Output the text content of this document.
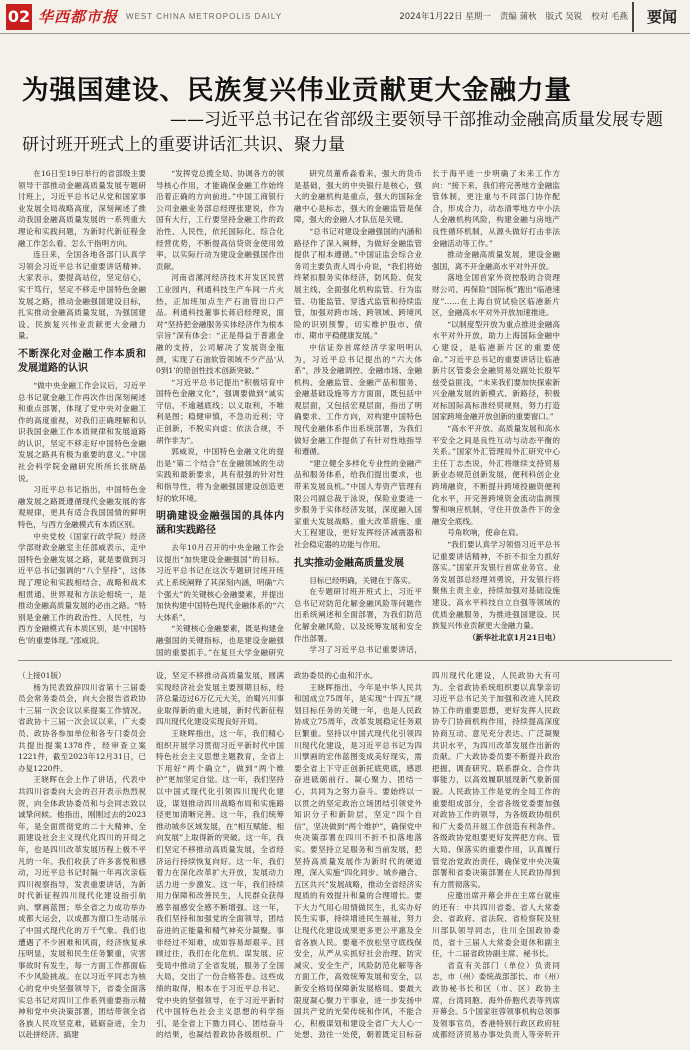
02 华西都市报 WEST CHINA METROPOLIS DAILY	2024年1月22日 星期一 责编 蒲秋 版式 吴锐 校对 毛燕	要闻
为强国建设、民族复兴伟业贡献更大金融力量
——习近平总书记在省部级主要领导干部推动金融高质量发展专题
研讨班开班式上的重要讲话汇共识、聚力量

在16日至19日举行的省部级主要领导干部推动金融高质量发展专题研讨班上，习近平总书记从党和国家事业发展全局战略高度，深刻阐述了推动我国金融高质量发展的一系列重大理论和实践问题，为新时代新征程金融工作怎么看、怎么干指明方向。

连日来，全国各地各部门认真学习领会习近平总书记重要讲话精神。大家表示，要提高站位，坚定信心，实干笃行，坚定不移走中国特色金融发展之路，推动金融强国建设目标，扎实推动金融高质量发展，为强国建设、民族复兴伟业贡献更大金融力量。

不断深化对金融工作本质和发展道路的认识

“做中央金融工作会议后，习近平总书记就金融工作再次作出深刻阐述和重点部署，体现了党中央对金融工作的高度重视，对我们正确理解和认识我国金融工作本质规律和发展道路的认识，坚定不移走好中国特色金融发展之路具有极为重要的意义。”中国社会科学院金融研究所所长张晓晶说。

习近平总书记指出，中国特色金融发展之路既遵循现代金融发展的客观规律，更具有适合我国国情的鲜明特色，与西方金融模式有本质区别。

中央党校（国家行政学院）经济学部财政金融室主任邵威表示，走中国特色金融发展之路，就是要做到习近平总书记强调的“八个坚持”，这体现了理论和实践相结合、战略和战术相贯通、世界观和方法论相统一，是推动金融高质量发展的必由之路。“特别是金融工作的政治性、人民性，与西方金融模式有本质区别，是‘中国特色’的重要体现。”邵威说。

“发挥党总揽全局、协调各方的领导核心作用，才能确保金融工作始终沿着正确的方向前进。”中国工商银行公司金融业务部总经理张建说，作为国有大行，工行要坚持金融工作的政治性、人民性，依托国际化、综合化经营优势，不断提高信贷资金使用效率，以实际行动为建设金融强国作出贡献。

河南省漯河经济技术开发区民营工业园内，利通科技生产车间一片火热，正加班加点生产石油管出口产品。利通科技董事长蒋启经理说，面对“坚持把金融服务实体经济作为根本宗旨”深有体会：“正是得益于普惠金融的支持，公司解决了发展资金瓶颈，实现了石油软管领域不少产品‘从0到1’的原创性技术创新突破。”

“习近平总书记提出“积极培育中国特色金融文化”，强调要做到“诚实守信，不逾越底线；以义取利，不唯利是图；稳健审慎，不急功近利；守正创新，不脱实向虚；依法合规，不胡作非为”。

郭威说，中国特色金融文化的提出是“第二个结合”在金融领域的生动实践和最新要求，具有很强的针对性和指导性，将为金融强国建设创造更好的软环境。

明确建设金融强国的具体内涵和实践路径

去年10月召开的中央金融工作会议提出“加快建设金融强国”的目标。习近平总书记在这次专题研讨班开班式上系统阐释了其深刻内涵，明确“六个强大”的关键核心金融要素，并提出加快构建中国特色现代金融体系的“六大体系”。

“关键核心金融要素，既是构建金融强国的关键指标，也是建设金融强国的重要抓手。”在复旦大学金融研究

研究员董希淼看来，强大的货币是基础，强大的中央银行是核心，强大的金融机构是重点，强大的国际金融中心是标志，强大的金融监管是保障，强大的金融人才队伍是关键。

“总书记对建设金融强国的内涵和路径作了深入阐释，为做好金融监管提供了根本遵循。”中国证监会综合业务司主要负责人周小舟说，“我们将始终紧扣服务实体经济，防风险、促发展主线，全面强化机构监管、行为监管、功能监管、穿透式监管和持续监管，加强对跨市场、跨领域、跨境风险的识别预警，切实维护股市、债市、期市平稳健康发展。”

中信证券首席经济学家明明认为，习近平总书记提出的“六大体系”，涉及金融调控、金融市场、金融机构、金融监管、金融产品和服务、金融基础设施等方方面面，既包括中观层面，又包括宏观层面，指出了明确要求、工作方向，对构建中国特色现代金融体系作出系统部署，为我们做好金融工作提供了有针对性地指导和遵循。

“建立健全多样化专业性的金融产品和服务体系，给我们提出要求，也带来发展良机。”中国人寿资产管理有限公司副总裁于泳说，保险业要进一步服务于实体经济发展，深度融入国家重大发展战略、重大改革措施、重大工程建设，更好发挥经济减震器和社会稳定器的功能与作用。

扎实推动金融高质量发展

目标已经明确，关键在于落实。

在专题研讨班开班式上，习近平总书记对防范化解金融风险等问题作出系统阐述和全面部署，为我们防范化解金融风险、以及统筹发展和安全作出部署。

学习了习近平总书记重要讲话，

长于海平进一步明确了未来工作方向：“接下来，我们将完善地方金融监管体制，更注重与不同部门协作配合，形成合力，动态清零地方中小法人金融机构风险，构建金融与房地产良性循环机制，从源头做好打击非法金融活动等工作。”

推动金融高质量发展，建设金融强国，离不开金融高水平对外开放。

落地全国首家外资控股的合资理财公司、再保险“国际板”跑出“临港速度”……在上海自贸试验区临港新片区，金融高水平对外开放加速推进。

“以制度型开放为重点推进金融高水平对外开放，助力上海国际金融中心建设，是临港新片区的重要使命。”习近平总书记的重要讲话让临港新片区管委会金融贸易处副处长殷军兹受益匪浅，“未来我们要加快探索新兴金融发展的新模式、新路径，积极对标国际高标准经贸规则，努力打造国家跨境金融开放创新的重要窗口。”

“高水平开放、高质量发展和高水平安全之间是良性互动与动态平衡的关系。”国家外汇管理局外汇研究中心主任丁志杰说，外汇将继续支持贸易新业态规范创新发展，便利科创企业跨境融资，不断提升跨境投融资便利化水平，开完善跨境资金流动监测预警和响应机制，守住开放条件下的金融安全底线。

号角吹响，使命在肩。

“我们要认真学习领悟习近平总书记重要讲话精神，不折不扣全力抓好落实。”国家开发银行首席业务官、业务发展部总经理刘勇说，开发银行将聚焦主责主业，持续加强对基础设施建设、高水平科技自立自强等领域的优质金融服务，为推进强国建设、民族复兴伟业贡献更大金融力量。

（新华社北京1月21日电）

（上接01版）

杨为民表致辞四川省第十三届委员会常务委员会，向大会报告省政协十三届一次会议以来提案工作情况。省政协十三届一次会议以来，广大委员、政协各参加单位和各专门委员会共提出提案1378件，经审查立案1221件，截至2023年12月31日，已办复1220件。

王晓晖在会上作了讲话，代表中共四川省委向大会的召开表示热烈祝贺，向全体政协委员和与会同志致以诚挚问候。他指出，刚刚过去的2023年，是全面贯彻党的二十大精神、全面建设社会主义现代化四川的开局之年，也是四川改革发展历程上极不平凡的一年。我们收获了许多喜悦和感动，习近平总书记时隔一年再次亲临四川视察指导，发表重要讲话，为新时代新征程四川现代化建设指引航向、擘画蓝图；举全省之力成功举办成都大运会，以成都为窗口生动展示了中国式现代化的万千气象。我们也遭遇了不少困难和风雨，经济恢复承压明显，发展和民生任务繁重，灾害事故时有发生，每一方面工作都面临不少风险挑战。在以习近平同志为核心的党中央坚强领导下，省委全面落实总书记对四川工作系列重要指示精神和党中央决策部署，团结带领全省各族人民攻坚克难，砥砺奋进，全力以赴拼经济、搞建

设，坚定不移推动高质量发展，圆满实现经济社会发展主要预期目标，经济总量迈过6万亿元大关，治蜀兴川事业取得新的重大进展，新时代新征程四川现代化建设实现良好开局。

王晓晖指出，这一年，我们精心组织开展学习贯彻习近平新时代中国特色社会主义思想主题教育，全省上下用好“两个确立”，做到“两个维护”更加坚定自觉。这一年，我们坚持以中国式现代化引领四川现代化建设，谋划推动四川战略布局和实施路径更加清晰完善。这一年，我们统筹推动城乡区域发展，在“相互赋能、相向发展”上取得新的突破。这一年，我们坚定不移推动高质量发展，全省经济运行持续恢复向好。这一年，我们着力在深化改革扩大开放，发展动力活力进一步激发。这一年，我们持续用力保障和改善民生，人民群众获得感幸福感安全感不断增强。这一年，我们坚持和加强党的全面领导，团结奋进的正能量和精气神充分凝聚。事非经过不知难，成如容易却艰辛。回顾过往，我们在化危机、谋发展、应变局中推动了全省发展，服务了全国大局，交出了一份合格答卷。这些成绩的取得，根本在于习近平总书记、党中央的坚强领导，在于习近平新时代中国特色社会主义思想的科学指引，是全省上下勠力同心、团结奋斗的结果，也凝结着政协各级组织、广

政协委员的心血和汗水。

王晓晖指出，今年是中华人民共和国成立75周年，是实现“十四五”规划目标任务的关键一年，也是人民政协成立75周年，改革发展稳定任务艰巨繁重。坚持以中国式现代化引领四川现代化建设，是习近平总书记为四川擘画的宏伟蓝图变成美好现实，需要全省上下守正创新托底兜底，感恩奋进砥砺前行、凝心聚力、团结一心，共同为之努力奋斗。要始终以一以贯之的坚定政治立场团结引领党外知识分子和新阶层，坚定“四个自信”，坚决做到“两个维护”，确保党中央决策部署在四川不折不扣落地落实。要坚持立足服务和当前发展，把坚持高质量发展作为新时代的硬道理，深入实施“四化同步、城乡融合、五区共兴”发展战略，推动全省经济实现质的有效提升和量的合理增长。要下大力气用心用情做民生，扎实办好民生实事，持续增进民生福祉，努力让现代化建设成果更多更公平惠及全省各族人民。要毫不放松坚守底线保安全，从严从实抓好社会治理、防灾减灾、安全生产，风险防范化解等各方面工作，高效统筹发展和安全，以新安全格局保障新发展格局。要最大限度凝心聚力干事业，进一步发扬中国共产党的光荣传统和作风，不能合心，积极谋划和建设全省广大人心一处想、劲往一处使，朝着既定目标奋

四川现代化建设，人民政协大有可为。全省政协系统组织要以真挚亲切习近平总书记关于加强和改进人民政协工作的重要思想，更好发挥人民政协专门协商机构作用，持续提高深度协商互动、意见充分表达、广泛凝聚共识水平，为四川改革发展作出新的贡献。广大政协委员要不断提升政治把握、调查研究、联系群众、合作共事能力，以高效履职展现新气象新面貌。人民政协工作是党的全局工作的重要组成部分，全省各级党委要加强对政协工作的领导，为各级政协组织和广大委员开展工作创造有利条件。各级政协党组要更好发挥把方向、管大局、保落实的重要作用，认真履行管党治党政治责任，确保党中央决策部署和省委决策部署在人民政协得到有力贯彻落实。

应邀出席开幕会并在主席台就座的还有：中共四川省委、省人大常委会、省政府、省法院、省检察院及驻川部队领导同志，住川全国政协委员，省十三届人大常委会退休和副主任，十二届省政协副主席、秘书长。

省直有关部门（单位）负责同志，市（州）委统战部部长、市（州）政协秘书长和区（市、区）政协主席，台湾同胞、海外侨胞代表等列席开幕会。5个国家驻蓉领事机构总领事及领事官员，香港特别行政区政府驻成都经济贸易办事处负责人等旁听开
